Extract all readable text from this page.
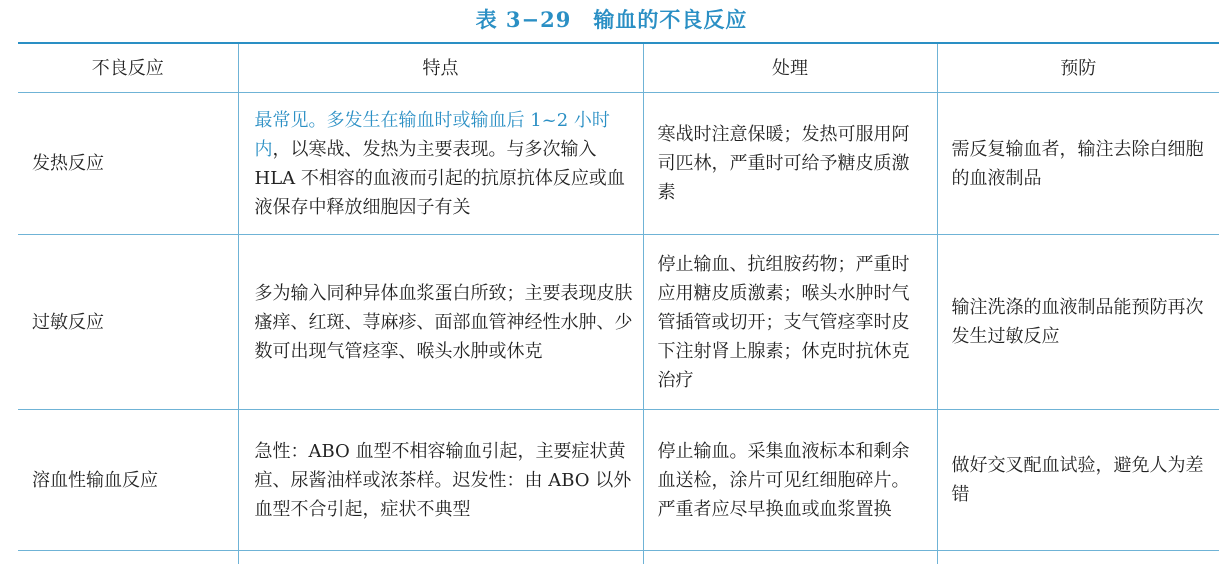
表 3−29 输血的不良反应
不良反应	特点	处理	预防
发热反应	最常见。多发生在输血时或输血后 1~2 小时内，以寒战、发热为主要表现。与多次输入 HLA 不相容的血液而引起的抗原抗体反应或血液保存中释放细胞因子有关	寒战时注意保暖；发热可服用阿司匹林，严重时可给予糖皮质激素	需反复输血者，输注去除白细胞的血液制品
过敏反应	多为输入同种异体血浆蛋白所致；主要表现皮肤瘙痒、红斑、荨麻疹、面部血管神经性水肿、少数可出现气管痉挛、喉头水肿或休克	停止输血、抗组胺药物；严重时应用糖皮质激素；喉头水肿时气管插管或切开；支气管痉挛时皮下注射肾上腺素；休克时抗休克治疗	输注洗涤的血液制品能预防再次发生过敏反应
溶血性输血反应	急性：ABO 血型不相容输血引起，主要症状黄疸、尿酱油样或浓茶样。迟发性：由 ABO 以外血型不合引起，症状不典型	停止输血。采集血液标本和剩余血送检，涂片可见红细胞碎片。严重者应尽早换血或血浆置换	做好交叉配血试验，避免人为差错
